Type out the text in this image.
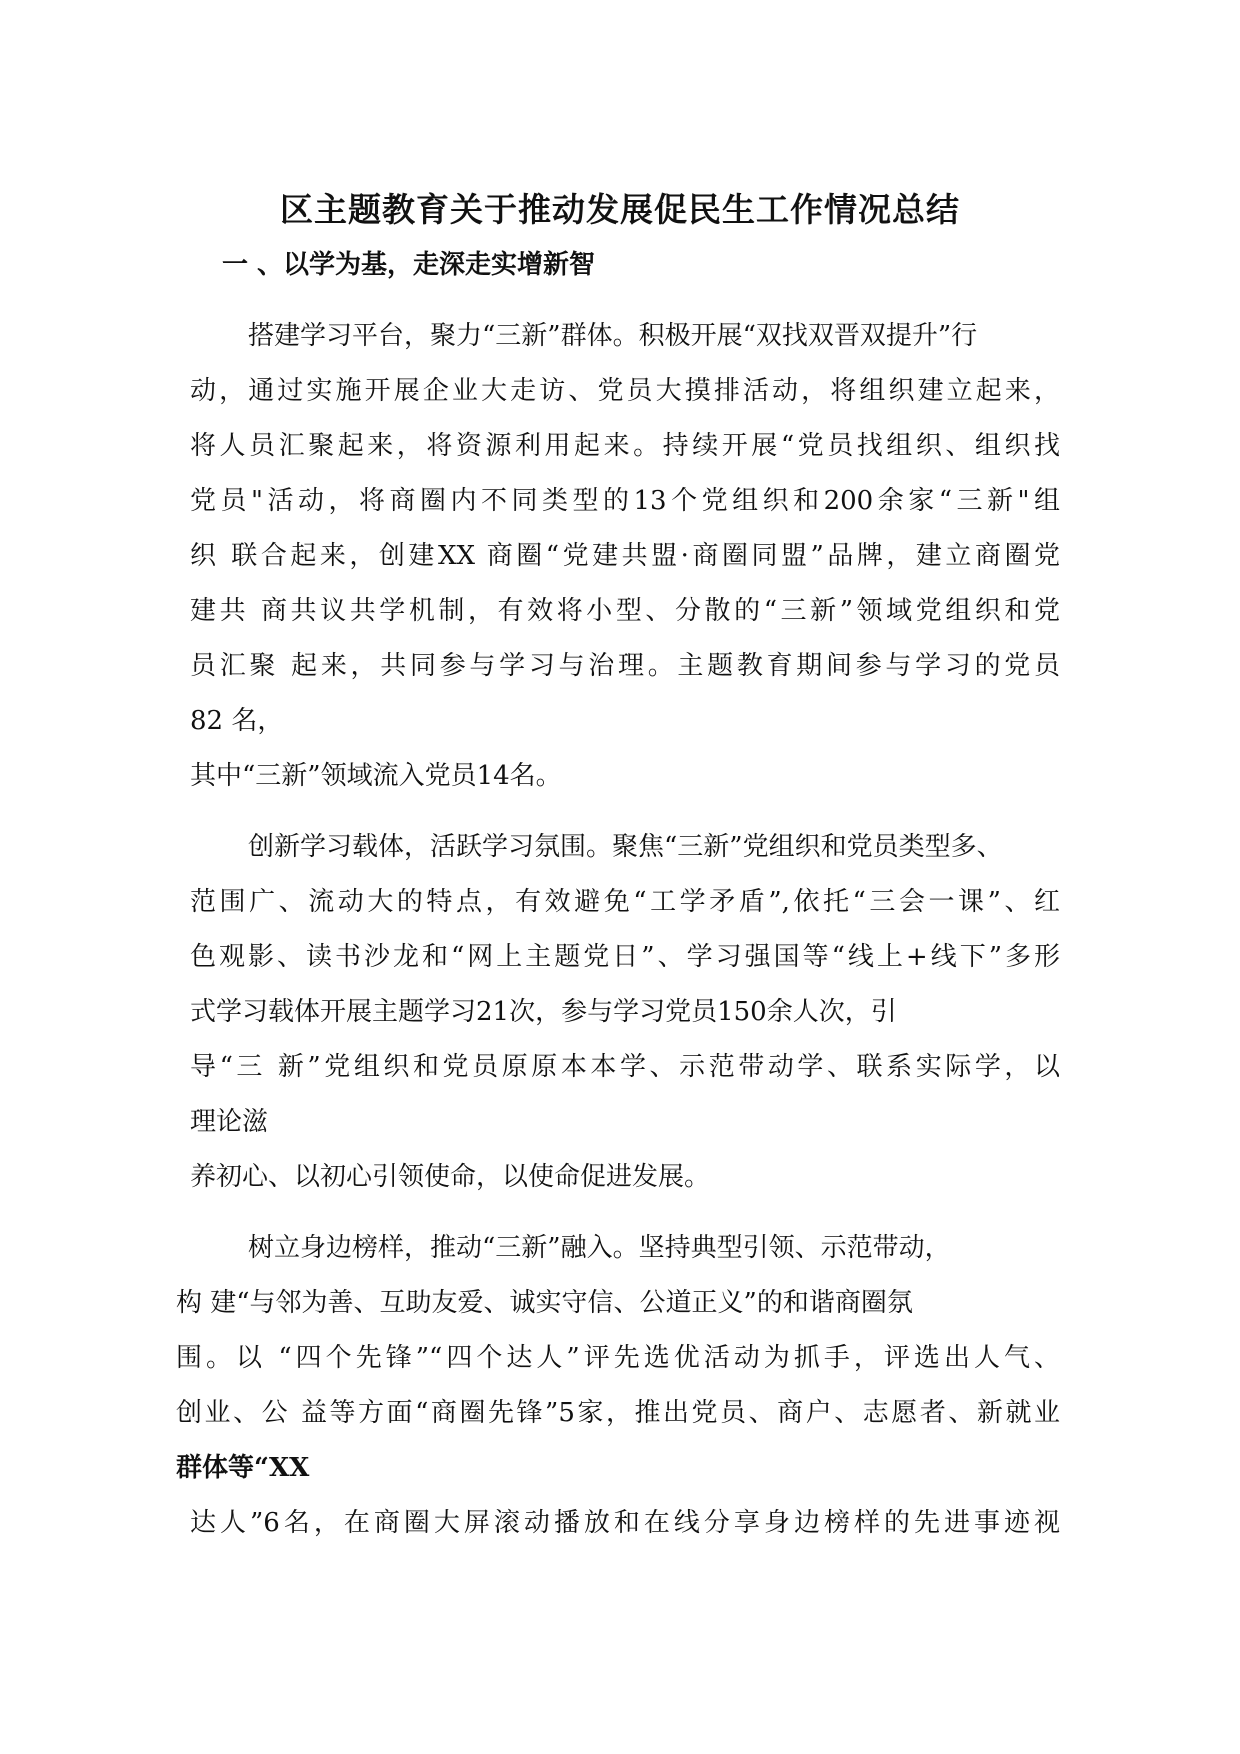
区主题教育关于推动发展促民生工作情况总结
一 、以学为基，走深走实增新智
搭建学习平台，聚力“三新”群体。积极开展“双找双晋双提升”行
动，通过实施开展企业大走访、党员大摸排活动，将组织建立起来，
将人员汇聚起来，将资源利用起来。持续开展“党员找组织、组织找
党员"活动，将商圈内不同类型的13个党组织和200余家“三新"组
织 联合起来，创建XX 商圈“党建共盟·商圈同盟”品牌，建立商圈党
建共 商共议共学机制，有效将小型、分散的“三新”领域党组织和党
员汇聚 起来，共同参与学习与治理。主题教育期间参与学习的党员
82 名，
其中“三新”领域流入党员14名。
创新学习载体，活跃学习氛围。聚焦“三新”党组织和党员类型多、
范围广、流动大的特点，有效避免“工学矛盾”,依托“三会一课”、红
色观影、读书沙龙和“网上主题党日”、学习强国等“线上+线下”多形
式学习载体开展主题学习21次，参与学习党员150余人次，引
导“三 新”党组织和党员原原本本学、示范带动学、联系实际学，以
理论滋
养初心、以初心引领使命，以使命促进发展。
树立身边榜样，推动“三新”融入。坚持典型引领、示范带动，
构 建“与邻为善、互助友爱、诚实守信、公道正义”的和谐商圈氛
围。以 “四个先锋”“四个达人”评先选优活动为抓手，评选出人气、
创业、公 益等方面“商圈先锋”5家，推出党员、商户、志愿者、新就业
群体等“XX
达人”6名，在商圈大屏滚动播放和在线分享身边榜样的先进事迹视
